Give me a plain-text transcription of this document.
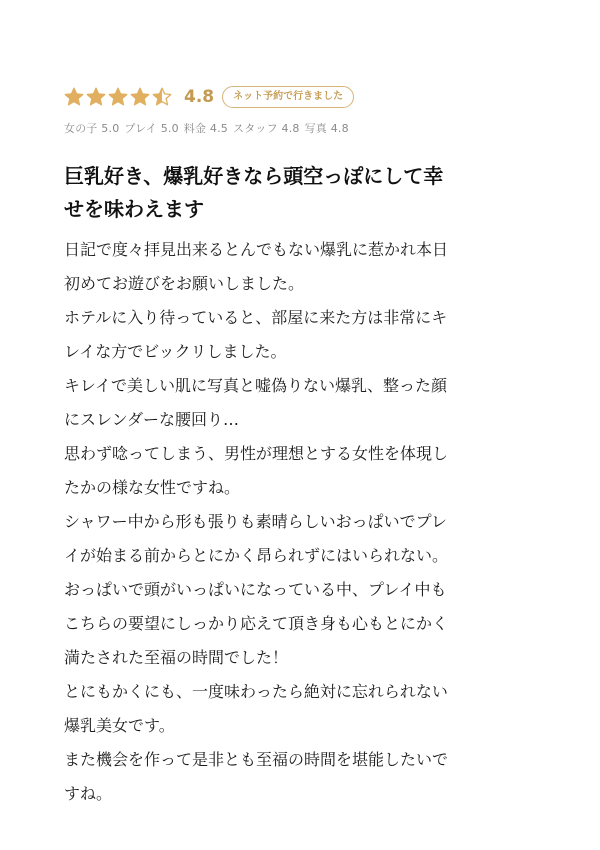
4.8	ネット予約で行きました
女の子 5.0 プレイ 5.0 料金 4.5 スタッフ 4.8 写真 4.8
巨乳好き、爆乳好きなら頭空っぽにして幸
せを味わえます

日記で度々拝見出来るとんでもない爆乳に惹かれ本日

初めてお遊びをお願いしました。

ホテルに入り待っていると、部屋に来た方は非常にキ

レイな方でビックリしました。

キレイで美しい肌に写真と嘘偽りない爆乳、整った顔

にスレンダーな腰回り…

思わず唸ってしまう、男性が理想とする女性を体現し

たかの様な女性ですね。

シャワー中から形も張りも素晴らしいおっぱいでプレ

イが始まる前からとにかく昂られずにはいられない。

おっぱいで頭がいっぱいになっている中、プレイ中も

こちらの要望にしっかり応えて頂き身も心もとにかく

満たされた至福の時間でした！

とにもかくにも、一度味わったら絶対に忘れられない

爆乳美女です。

また機会を作って是非とも至福の時間を堪能したいで

すね。
